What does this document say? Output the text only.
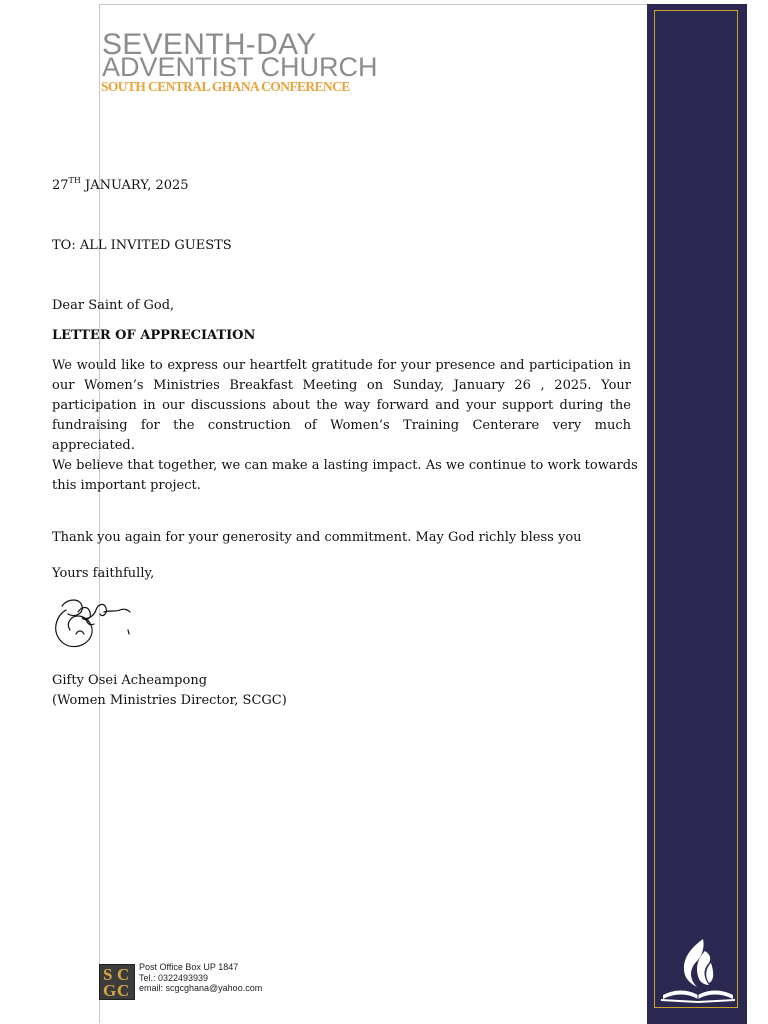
SEVENTH-DAY

ADVENTIST CHURCH

SOUTH CENTRAL GHANA CONFERENCE

27TH JANUARY, 2025

TO: ALL INVITED GUESTS

Dear Saint of God,

LETTER OF APPRECIATION

We would like to express our heartfelt gratitude for your presence and participation in our Women’s Ministries Breakfast Meeting on Sunday, January 26 , 2025. Your participation in our discussions about the way forward and your support during the fundraising for the construction of Women’s Training Centerare very much appreciated.

We believe that together, we can make a lasting impact. As we continue to work towards
this important project.

Thank you again for your generosity and commitment. May God richly bless you

Yours faithfully,

Gifty Osei Acheampong

(Women Ministries Director, SCGC)

S C
G C
Post Office Box UP 1847
Tel.: 0322493939
email: scgcghana@yahoo.com
